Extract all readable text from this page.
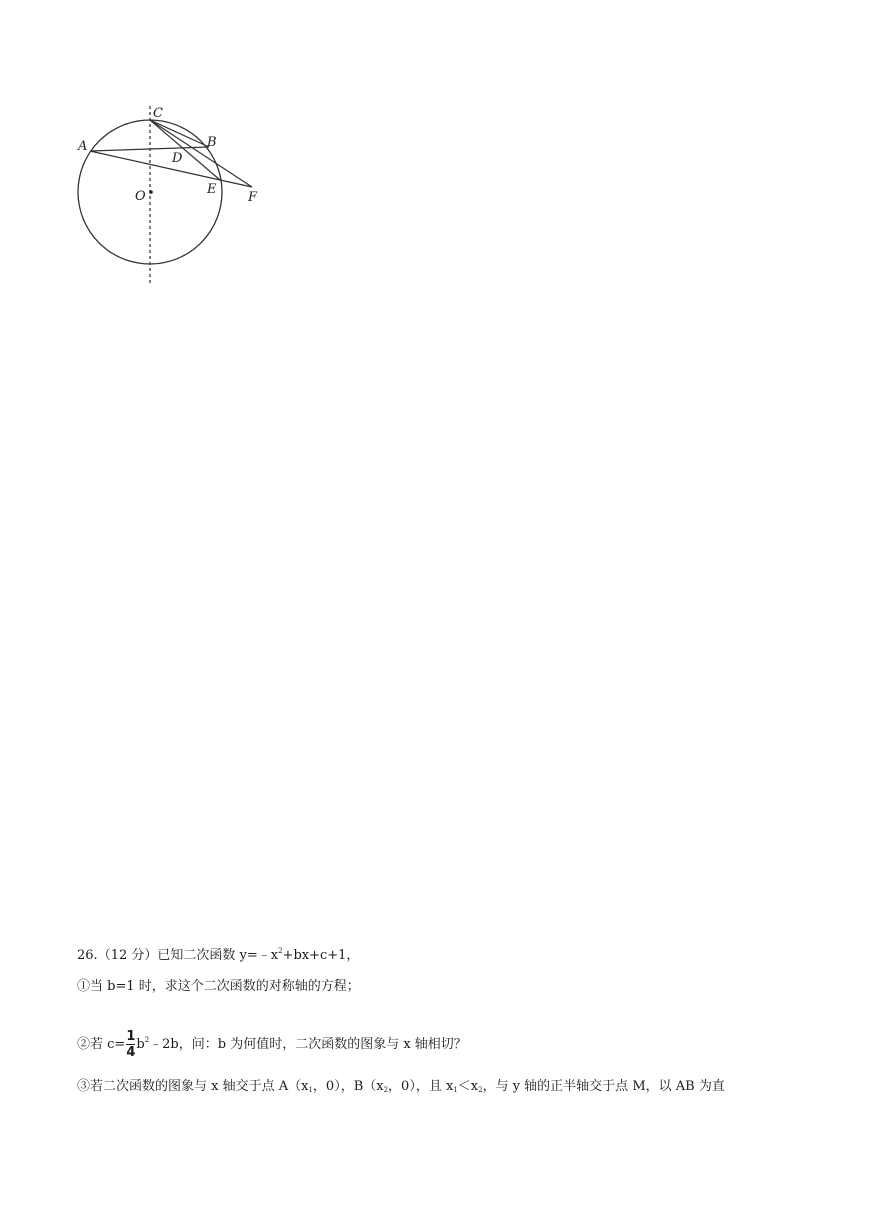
C
A	B
D
E
O	F
26.（12 分）已知二次函数 $y=﹣x^2+bx+c+1$，
①当 b=1 时，求这个二次函数的对称轴的方程；
②若 $c= \frac{1}{4}$ $b^2﹣2b$，问：b 为何值时，二次函数的图象与 x 轴相切？
③若二次函数的图象与 x 轴交于点 $A(x_1$，0），$B(x_2$，0），且 $x_1<x_2$，与 y 轴的正半轴交于点 M，以 AB 为直
